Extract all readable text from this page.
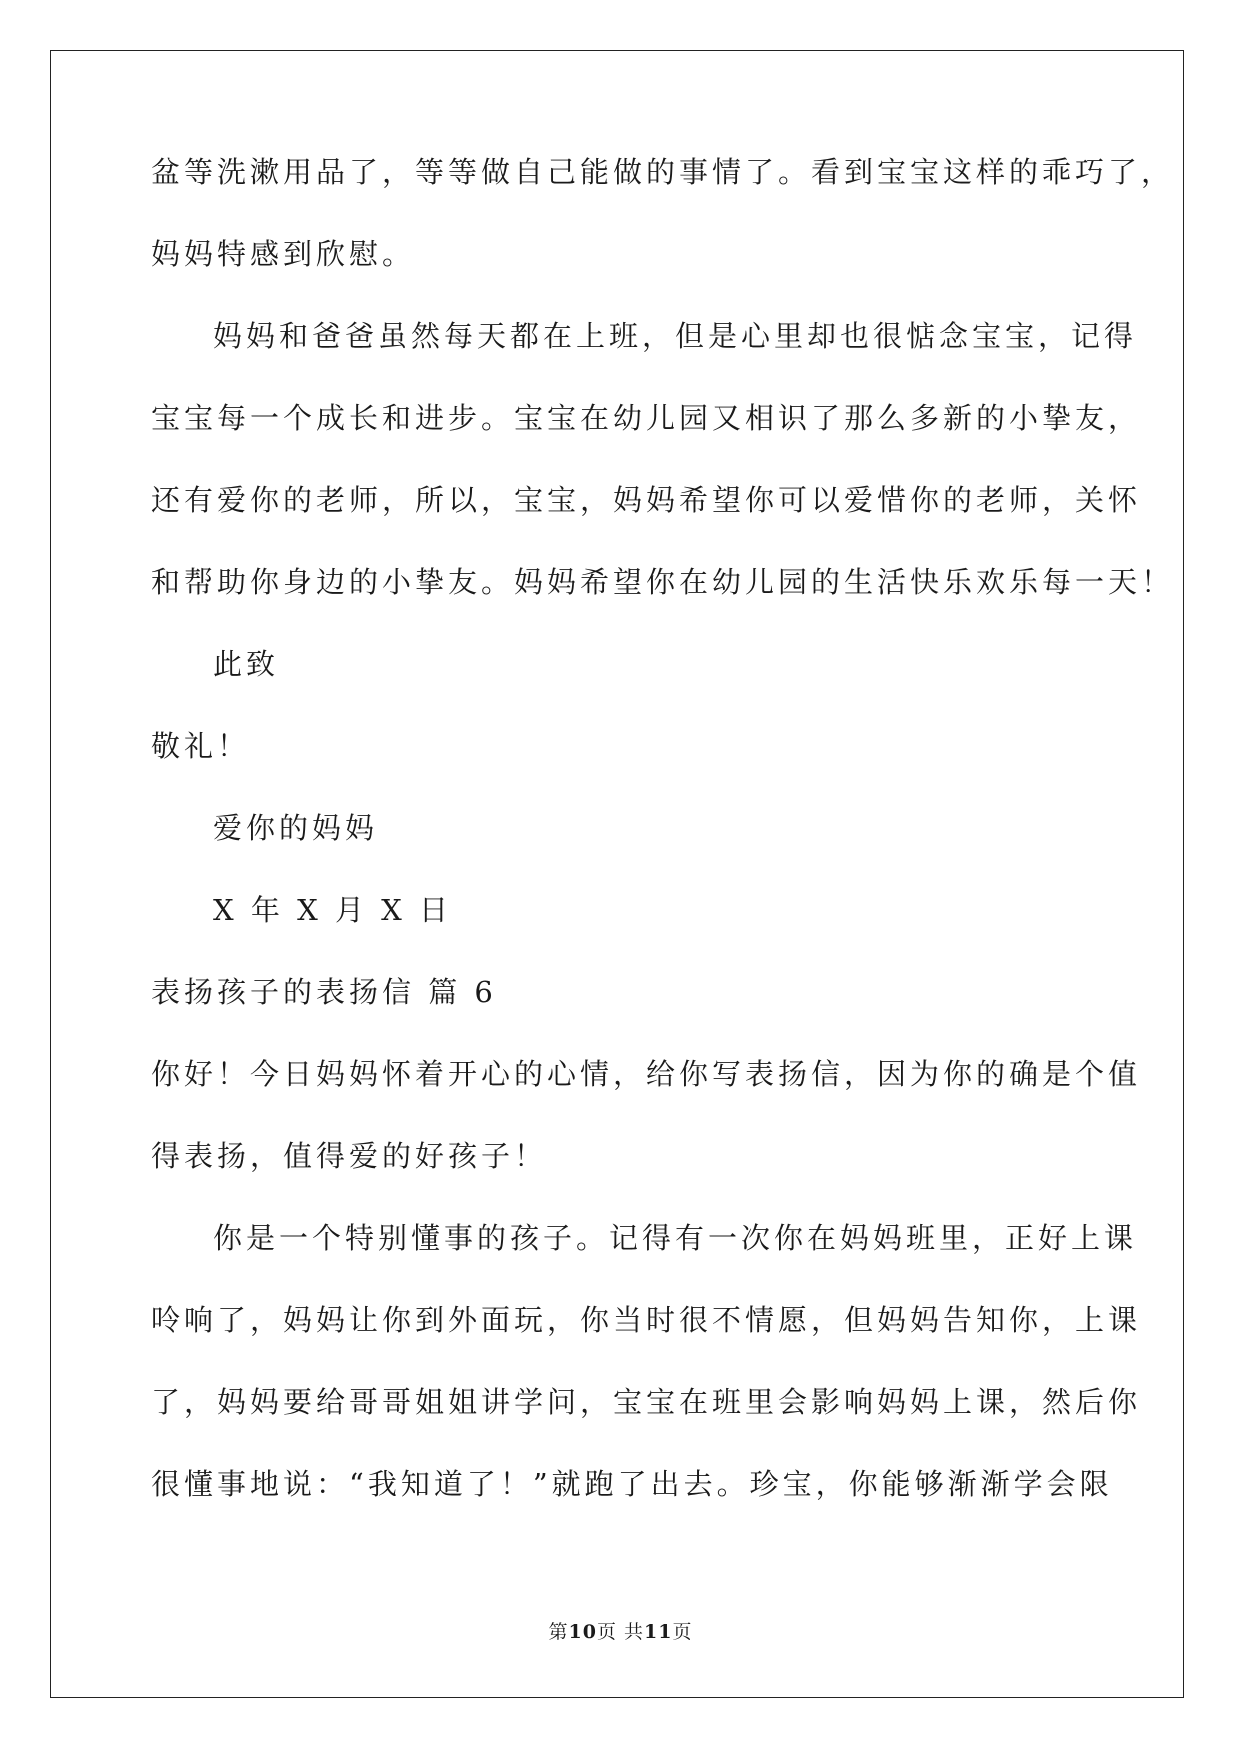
盆等洗漱用品了，等等做自己能做的事情了。看到宝宝这样的乖巧了，
妈妈特感到欣慰。
妈妈和爸爸虽然每天都在上班，但是心里却也很惦念宝宝，记得
宝宝每一个成长和进步。宝宝在幼儿园又相识了那么多新的小挚友，
还有爱你的老师，所以，宝宝，妈妈希望你可以爱惜你的老师，关怀
和帮助你身边的小挚友。妈妈希望你在幼儿园的生活快乐欢乐每一天！
此致
敬礼！
爱你的妈妈
X 年 X 月 X 日
表扬孩子的表扬信 篇 6
你好！今日妈妈怀着开心的心情，给你写表扬信，因为你的确是个值
得表扬，值得爱的好孩子！
你是一个特别懂事的孩子。记得有一次你在妈妈班里，正好上课
呤响了，妈妈让你到外面玩，你当时很不情愿，但妈妈告知你，上课
了，妈妈要给哥哥姐姐讲学问，宝宝在班里会影响妈妈上课，然后你
很懂事地说：“我知道了！”就跑了出去。珍宝，你能够渐渐学会限
第10页 共11页
